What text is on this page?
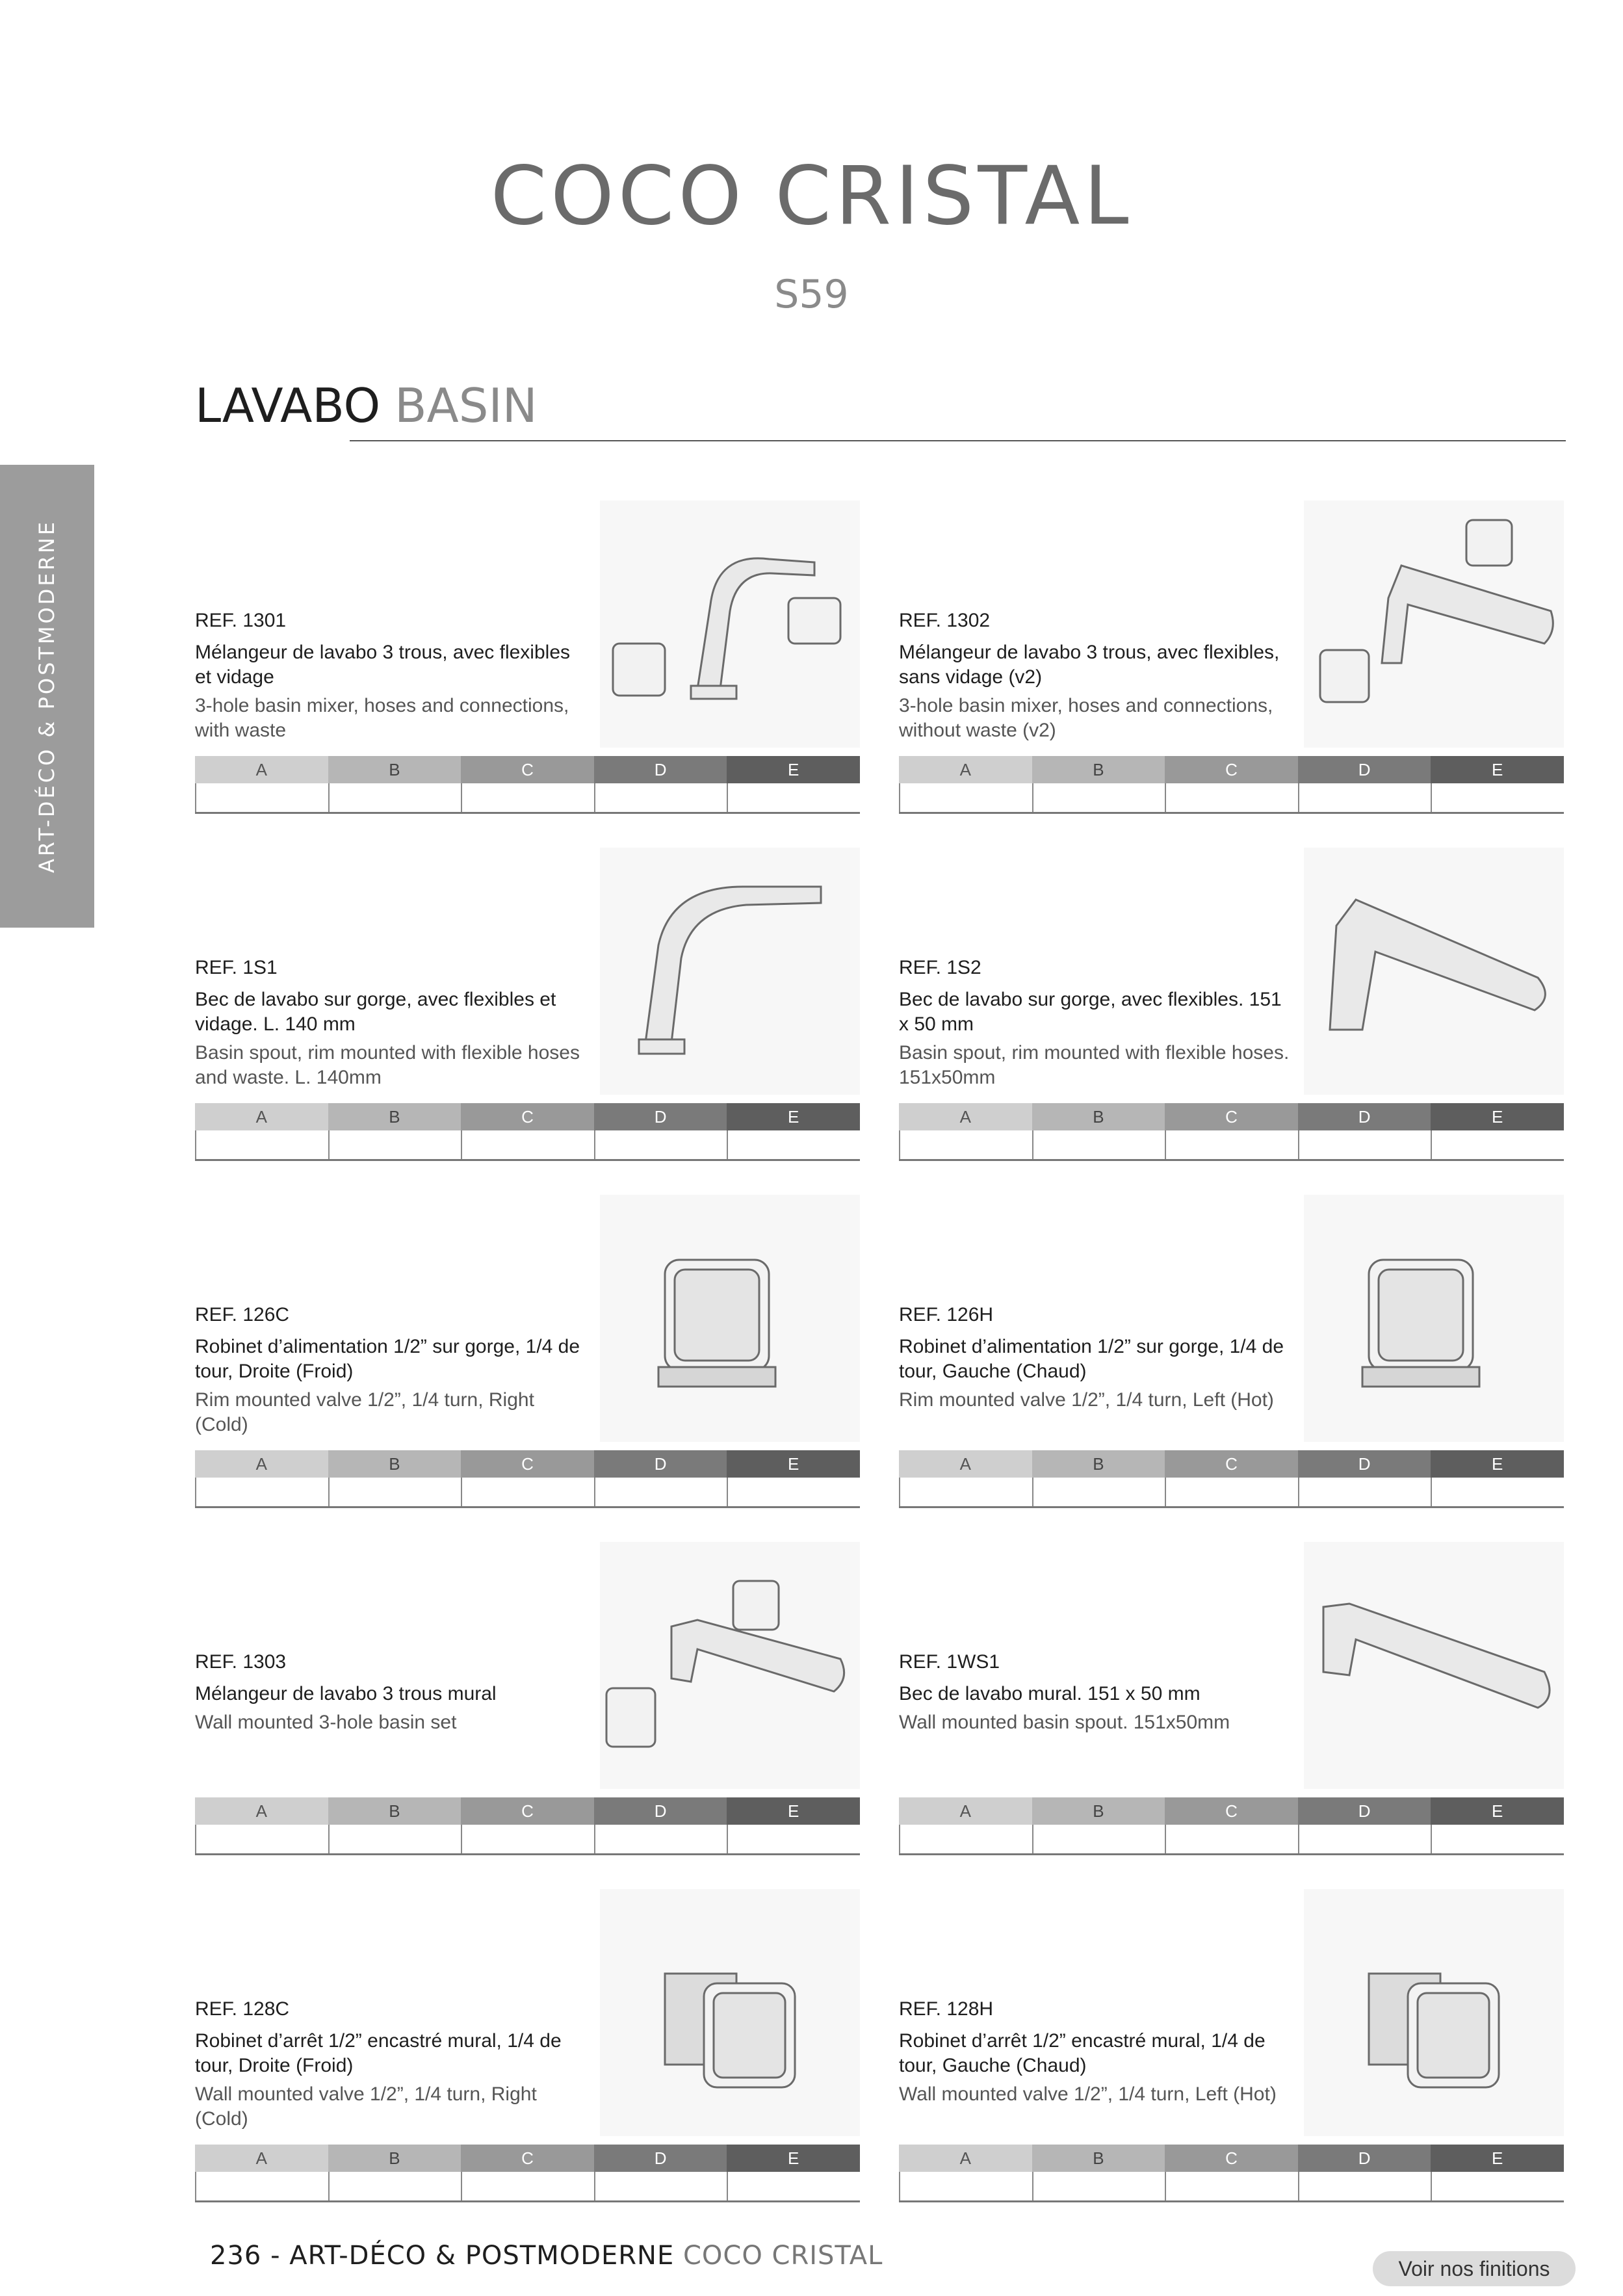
COCO CRISTAL
S59
LAVABO BASIN
ART-DÉCO & POSTMODERNE	REF. 1301
Mélangeur de lavabo 3 trous, avec flexibles et vidage
3-hole basin mixer, hoses and connections, with waste
A	B	C	D	E
REF. 1302
Mélangeur de lavabo 3 trous, avec flexibles, sans vidage (v2)
3-hole basin mixer, hoses and connections, without waste (v2)
A	B	C	D	E
REF. 1S1
Bec de lavabo sur gorge, avec flexibles et vidage. L. 140 mm
Basin spout, rim mounted with flexible hoses and waste. L. 140mm
A	B	C	D	E
REF. 1S2
Bec de lavabo sur gorge, avec flexibles. 151 x 50 mm
Basin spout, rim mounted with flexible hoses. 151x50mm
A	B	C	D	E
REF. 126C
Robinet d’alimentation 1/2” sur gorge, 1/4 de tour, Droite (Froid)
Rim mounted valve 1/2”, 1/4 turn, Right (Cold)
A	B	C	D	E
REF. 126H
Robinet d’alimentation 1/2” sur gorge, 1/4 de tour, Gauche (Chaud)
Rim mounted valve 1/2”, 1/4 turn, Left (Hot)
A	B	C	D	E
REF. 1303
Mélangeur de lavabo 3 trous mural
Wall mounted 3-hole basin set
A	B	C	D	E
REF. 1WS1
Bec de lavabo mural. 151 x 50 mm
Wall mounted basin spout. 151x50mm
A	B	C	D	E
REF. 128C
Robinet d’arrêt 1/2” encastré mural, 1/4 de tour, Droite (Froid)
Wall mounted valve 1/2”, 1/4 turn, Right (Cold)
A	B	C	D	E
REF. 128H
Robinet d’arrêt 1/2” encastré mural, 1/4 de tour, Gauche (Chaud)
Wall mounted valve 1/2”, 1/4 turn, Left (Hot)
A	B	C	D	E
236 - ART-DÉCO & POSTMODERNE COCO CRISTAL	Voir nos finitions
